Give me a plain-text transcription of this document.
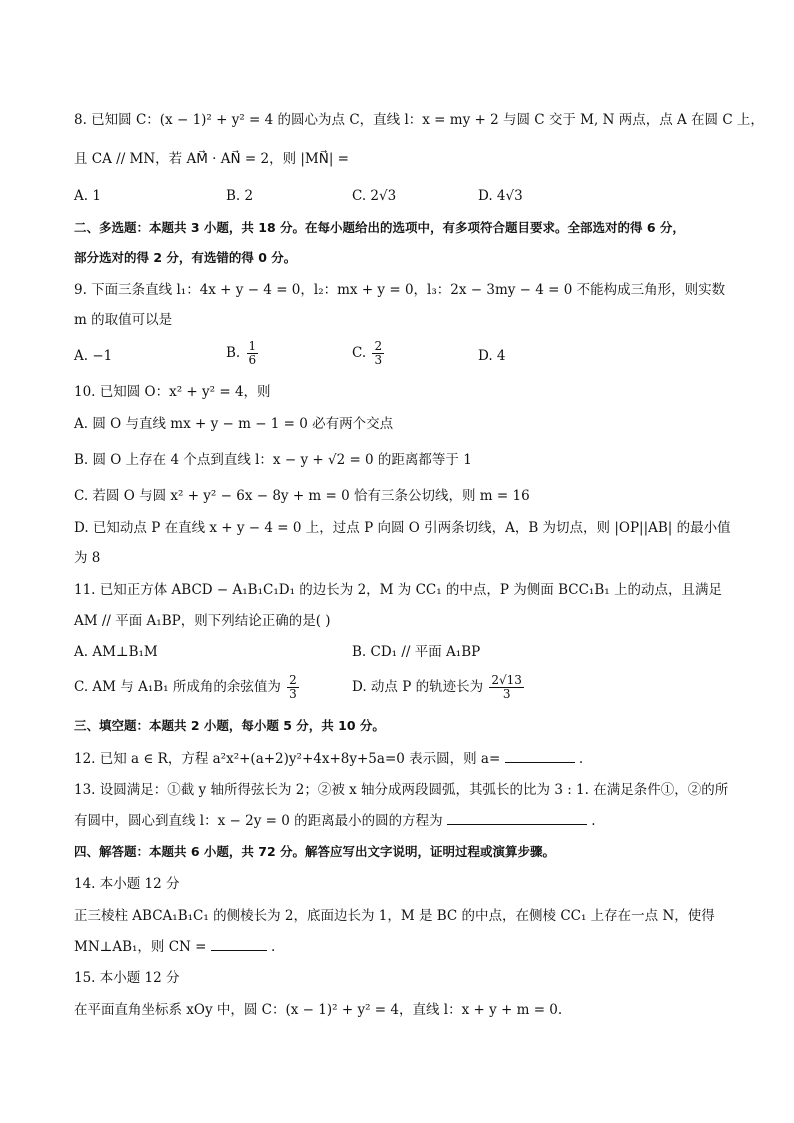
8. 已知圆 C：(x − 1)² + y² = 4 的圆心为点 C，直线 l：x = my + 2 与圆 C 交于 M, N 两点，点 A 在圆 C 上，
且 CA // MN，若 AM⃗ · AN⃗ = 2，则 |MN⃗| =
A. 1	B. 2	C. 2√3	D. 4√3
二、多选题：本题共 3 小题，共 18 分。在每小题给出的选项中，有多项符合题目要求。全部选对的得 6 分，
部分选对的得 2 分，有选错的得 0 分。
9. 下面三条直线 l₁：4x + y − 4 = 0，l₂：mx + y = 0，l₃：2x − 3my − 4 = 0 不能构成三角形，则实数
m 的取值可以是
A. −1	B. $\frac{1}{6}$	C. $\frac{2}{3}$	D. 4
10. 已知圆 O：x² + y² = 4，则
A. 圆 O 与直线 mx + y − m − 1 = 0 必有两个交点
B. 圆 O 上存在 4 个点到直线 l：x − y + √2 = 0 的距离都等于 1
C. 若圆 O 与圆 x² + y² − 6x − 8y + m = 0 恰有三条公切线，则 m = 16
D. 已知动点 P 在直线 x + y − 4 = 0 上，过点 P 向圆 O 引两条切线，A，B 为切点，则 |OP||AB| 的最小值
为 8
11. 已知正方体 ABCD − A₁B₁C₁D₁ 的边长为 2，M 为 CC₁ 的中点，P 为侧面 BCC₁B₁ 上的动点，且满足
AM // 平面 A₁BP，则下列结论正确的是( )
A. AM⊥B₁M	B. CD₁ // 平面 A₁BP
C. AM 与 A₁B₁ 所成角的余弦值为 $\frac{2}{3}$	D. 动点 P 的轨迹长为 $\frac{2√13}{3}$
三、填空题：本题共 2 小题，每小题 5 分，共 10 分。
12. 已知 a ∈ R，方程 a²x²+(a+2)y²+4x+8y+5a=0 表示圆，则 a=	.
13. 设圆满足：①截 y 轴所得弦长为 2；②被 x 轴分成两段圆弧，其弧长的比为 3 : 1. 在满足条件①，②的所
有圆中，圆心到直线 l：x − 2y = 0 的距离最小的圆的方程为	.
四、解答题：本题共 6 小题，共 72 分。解答应写出文字说明，证明过程或演算步骤。
14. 本小题 12 分
正三棱柱 ABCA₁B₁C₁ 的侧棱长为 2，底面边长为 1，M 是 BC 的中点，在侧棱 CC₁ 上存在一点 N，使得
MN⊥AB₁，则 CN =	.
15. 本小题 12 分
在平面直角坐标系 xOy 中，圆 C：(x − 1)² + y² = 4，直线 l：x + y + m = 0.
